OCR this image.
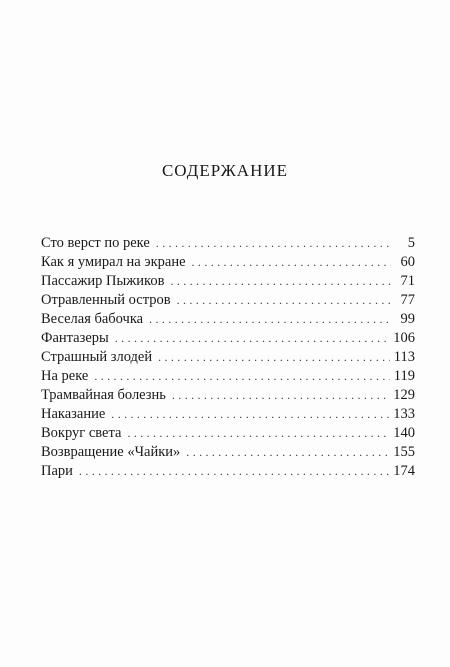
СОДЕРЖАНИЕ
Сто верст по реке . . .	5
Как я умирал на экране . . .	60
Пассажир Пыжиков . . .	71
Отравленный остров . . .	77
Веселая бабочка . . .	99
Фантазеры . . .	106
Страшный злодей . . .	113
На реке . . .	119
Трамвайная болезнь . . .	129
Наказание . . .	133
Вокруг света . . .	140
Возвращение «Чайки» . . .	155
Пари . . .	174
